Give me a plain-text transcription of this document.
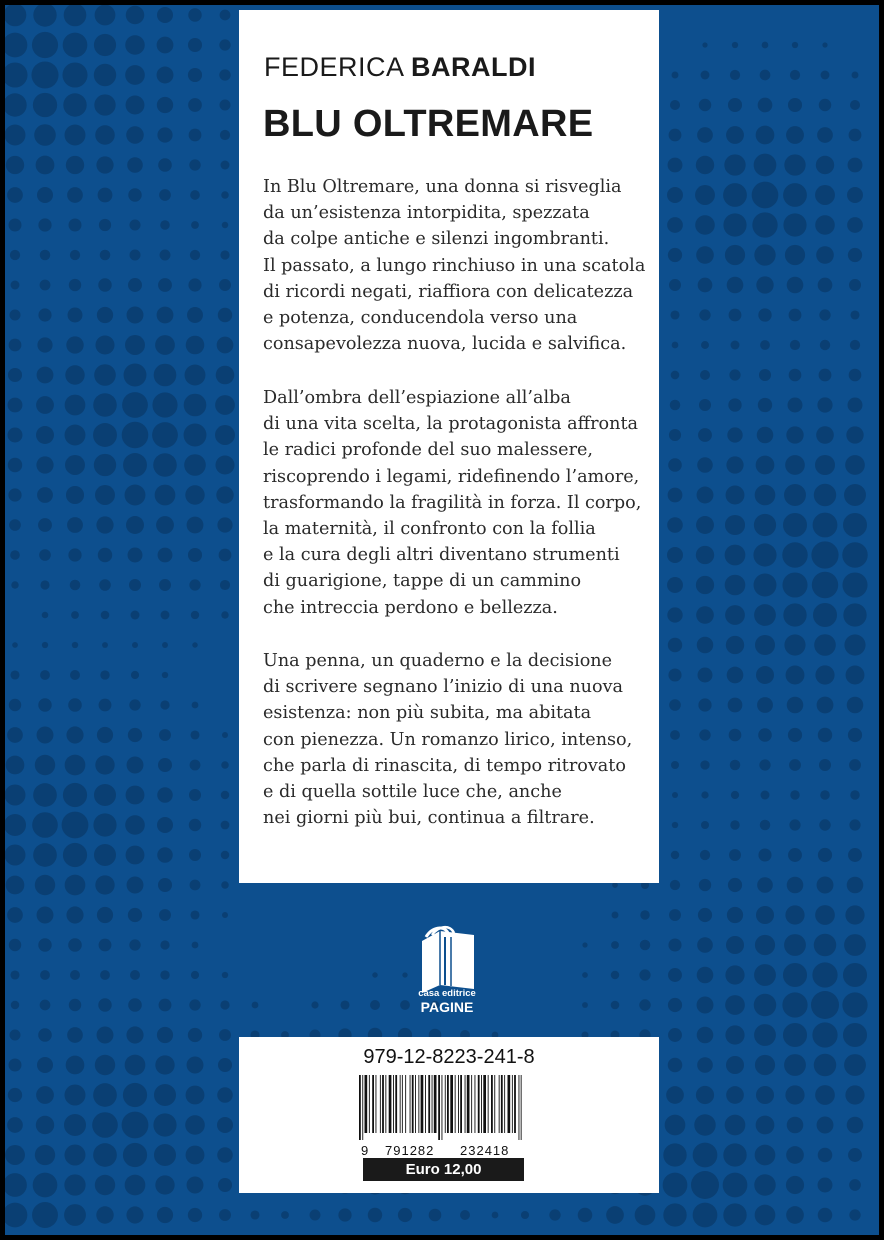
FEDERICA BARALDI
BLU OLTREMARE
In Blu Oltremare, una donna si risveglia
da un’esistenza intorpidita, spezzata
da colpe antiche e silenzi ingombranti.
Il passato, a lungo rinchiuso in una scatola
di ricordi negati, riaffiora con delicatezza
e potenza, conducendola verso una
consapevolezza nuova, lucida e salvifica.
Dall’ombra dell’espiazione all’alba
di una vita scelta, la protagonista affronta
le radici profonde del suo malessere,
riscoprendo i legami, ridefinendo l’amore,
trasformando la fragilità in forza. Il corpo,
la maternità, il confronto con la follia
e la cura degli altri diventano strumenti
di guarigione, tappe di un cammino
che intreccia perdono e bellezza.
Una penna, un quaderno e la decisione
di scrivere segnano l’inizio di una nuova
esistenza: non più subita, ma abitata
con pienezza. Un romanzo lirico, intenso,
che parla di rinascita, di tempo ritrovato
e di quella sottile luce che, anche
nei giorni più bui, continua a filtrare.
casa editrice
PAGINE
979-12-8223-241-8
9 791282 232418
Euro 12,00
